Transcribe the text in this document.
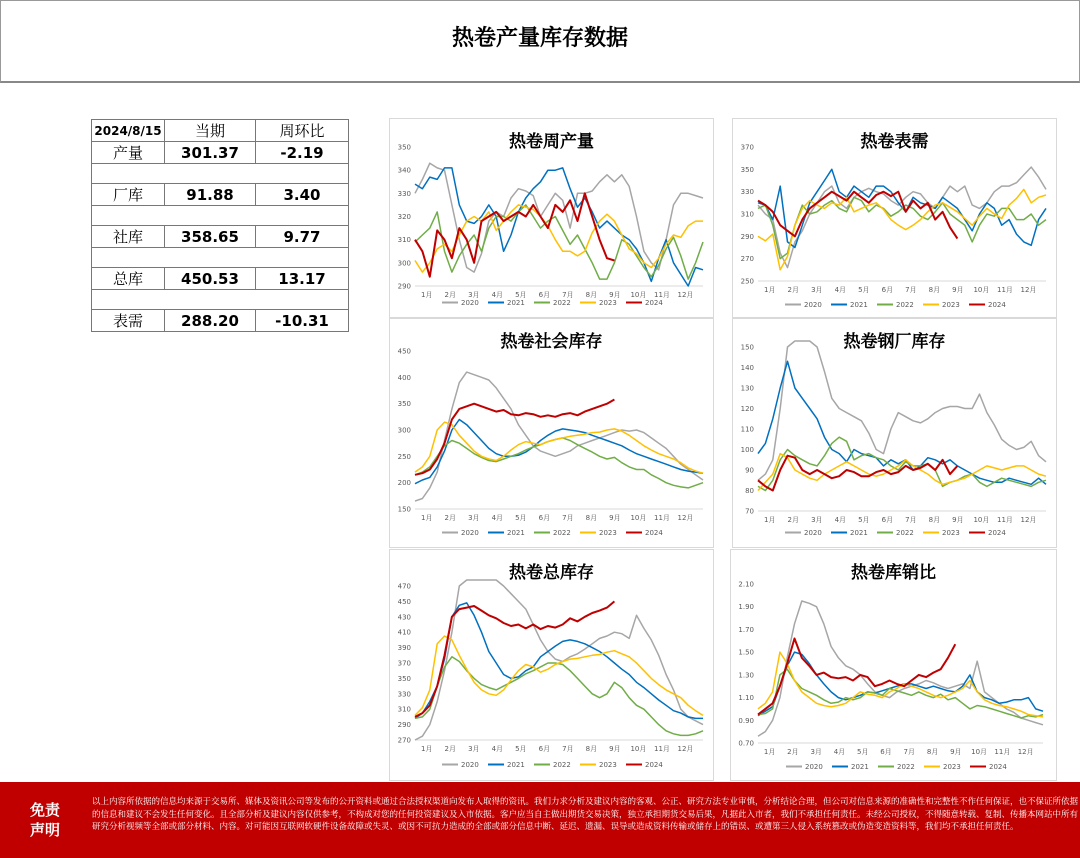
热卷产量库存数据
2024/8/15	当期	周环比
产量	301.37	-2.19

厂库	91.88	3.40

社库	358.65	9.77

总库	450.53	13.17

表需	288.20	-10.31
290
300
310
320
330
340
350
1月 2月 3月 4月 5月 6月 7月 8月 9月 10月 11月 12月
2020	2021	2022	2023	2024
热卷周产量
250
270
290
310
330
350
370
1月 2月 3月 4月 5月 6月 7月 8月 9月 10月 11月 12月
2020	2021	2022	2023	2024
热卷表需
150
200
250
300
350
400
450
1月 2月 3月 4月 5月 6月 7月 8月 9月 10月 11月 12月
2020	2021	2022	2023	2024
热卷社会库存
70
80
90
100
110
120
130
140
150
1月 2月 3月 4月 5月 6月 7月 8月 9月 10月 11月 12月
2020	2021	2022	2023	2024
热卷钢厂库存
270
290
310
330
350
370
390
410
430
450
470
1月 2月 3月 4月 5月 6月 7月 8月 9月 10月 11月 12月
2020	2021	2022	2023	2024
热卷总库存
0.70
0.90
1.10
1.30
1.50
1.70
1.90
2.10
1月 2月 3月 4月 5月 6月 7月 8月 9月 10月 11月 12月
2020	2021	2022	2023	2024
热卷库销比
免责声明
以上内容所依据的信息均来源于交易所、媒体及资讯公司等发布的公开资料或通过合法授权渠道向发布人取得的资讯。我们力求分析及建议内容的客观、公正、研究方法专业审慎，分析结论合理，但公司对信息来源的准确性和完整性不作任何保证，也不保证所依据的信息和建议不会发生任何变化。且全部分析及建议内容仅供参考，不构成对您的任何投资建议及入市依据。客户应当自主做出期货交易决策，独立承担期货交易后果，凡据此入市者，我们不承担任何责任。未经公司授权，不得随意转载、复制、传播本网站中所有研究分析视频等全部或部分材料、内容。对可能因互联网软硬件设备故障或失灵、或因不可抗力造成的全部或部分信息中断、延迟、遗漏、误导或造成资料传输或储存上的错误、或遭第三人侵入系统篡改或伪造变造资料等，我们均不承担任何责任。
